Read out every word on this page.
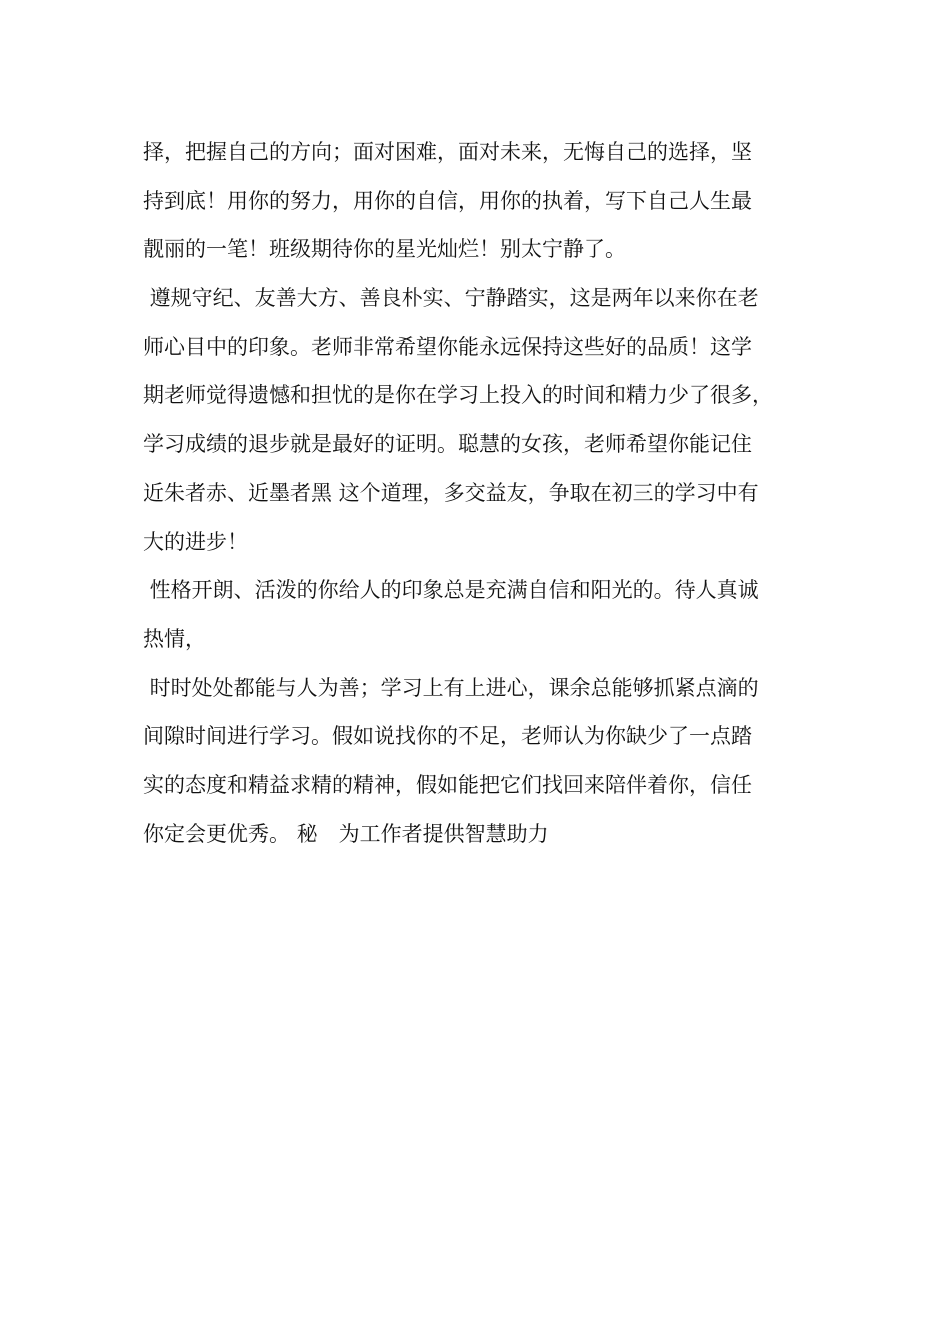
择，把握自己的方向；面对困难，面对未来，无悔自己的选择，坚
持到底！用你的努力，用你的自信，用你的执着，写下自己人生最
靓丽的一笔！班级期待你的星光灿烂！别太宁静了。
遵规守纪、友善大方、善良朴实、宁静踏实，这是两年以来你在老
师心目中的印象。老师非常希望你能永远保持这些好的品质！这学
期老师觉得遗憾和担忧的是你在学习上投入的时间和精力少了很多，
学习成绩的退步就是最好的证明。聪慧的女孩，老师希望你能记住
近朱者赤、近墨者黑 这个道理，多交益友，争取在初三的学习中有
大的进步！
性格开朗、活泼的你给人的印象总是充满自信和阳光的。待人真诚
热情，
时时处处都能与人为善；学习上有上进心，课余总能够抓紧点滴的
间隙时间进行学习。假如说找你的不足，老师认为你缺少了一点踏
实的态度和精益求精的精神，假如能把它们找回来陪伴着你，信任
你定会更优秀。 秘　为工作者提供智慧助力
